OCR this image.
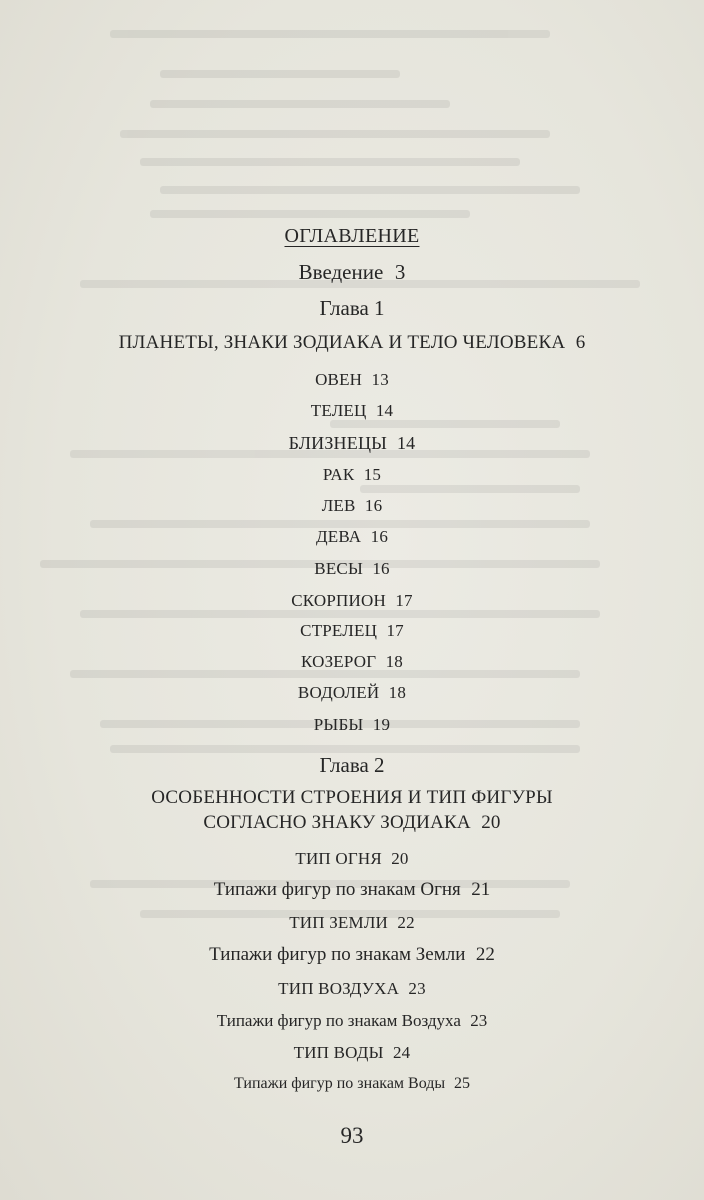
ОГЛАВЛЕНИЕ
Введение 3
Глава 1
ПЛАНЕТЫ, ЗНАКИ ЗОДИАКА И ТЕЛО ЧЕЛОВЕКА 6
ОВЕН 13
ТЕЛЕЦ 14
БЛИЗНЕЦЫ 14
РАК 15
ЛЕВ 16
ДЕВА 16
ВЕСЫ 16
СКОРПИОН 17
СТРЕЛЕЦ 17
КОЗЕРОГ 18
ВОДОЛЕЙ 18
РЫБЫ 19
Глава 2
ОСОБЕННОСТИ СТРОЕНИЯ И ТИП ФИГУРЫ
СОГЛАСНО ЗНАКУ ЗОДИАКА 20
ТИП ОГНЯ 20
Типажи фигур по знакам Огня 21
ТИП ЗЕМЛИ 22
Типажи фигур по знакам Земли 22
ТИП ВОЗДУХА 23
Типажи фигур по знакам Воздуха 23
ТИП ВОДЫ 24
Типажи фигур по знакам Воды 25
93
